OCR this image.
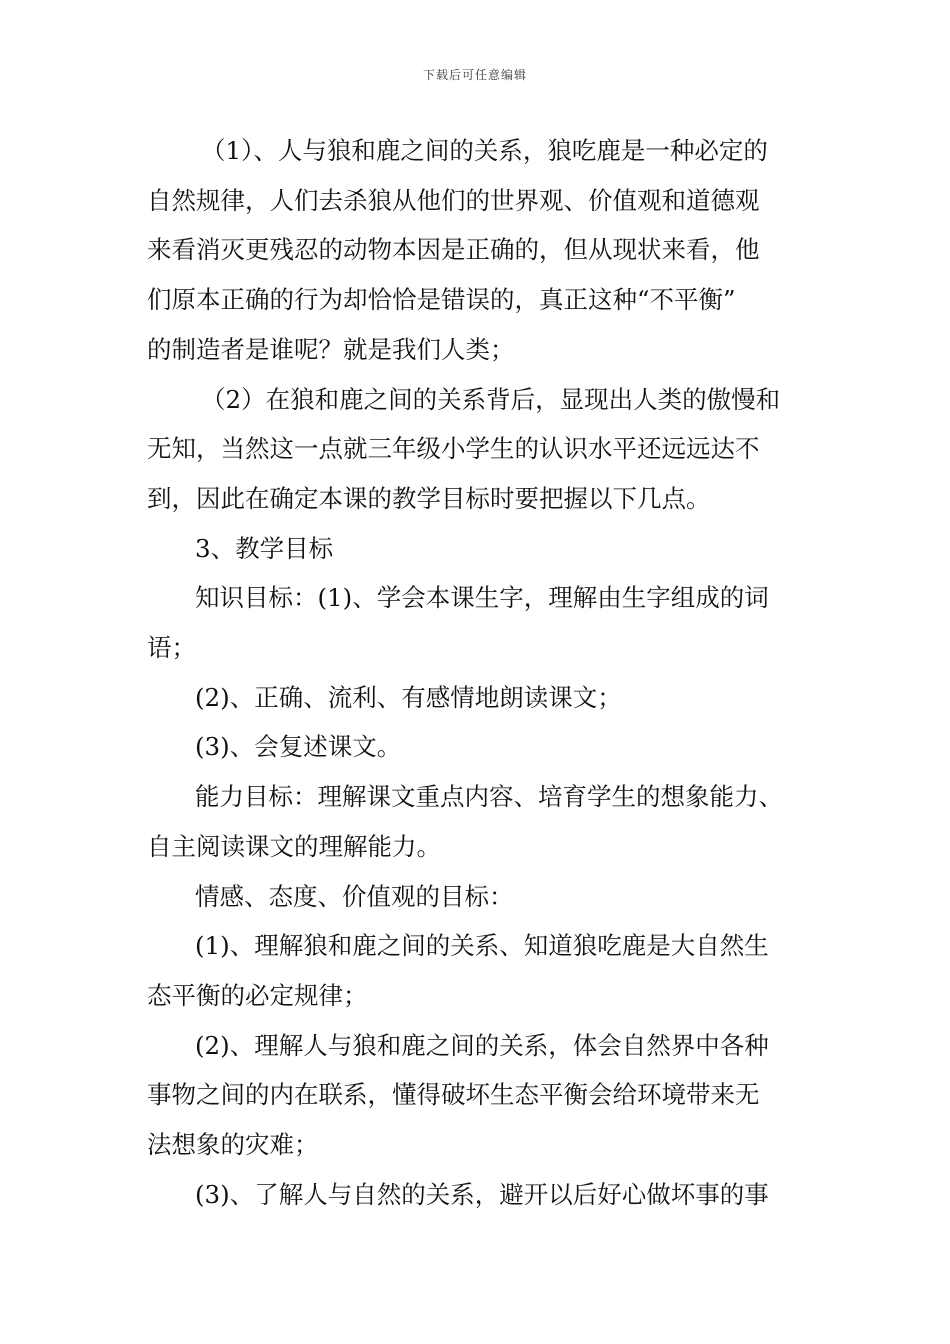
下载后可任意编辑
（1）、人与狼和鹿之间的关系，狼吃鹿是一种必定的
自然规律，人们去杀狼从他们的世界观、价值观和道德观
来看消灭更残忍的动物本因是正确的，但从现状来看，他
们原本正确的行为却恰恰是错误的，真正这种“不平衡”
的制造者是谁呢？就是我们人类；
（2）在狼和鹿之间的关系背后，显现出人类的傲慢和
无知，当然这一点就三年级小学生的认识水平还远远达不
到，因此在确定本课的教学目标时要把握以下几点。
3、教学目标
知识目标：(1)、学会本课生字，理解由生字组成的词
语；
(2)、正确、流利、有感情地朗读课文；
(3)、会复述课文。
能力目标：理解课文重点内容、培育学生的想象能力、
自主阅读课文的理解能力。
情感、态度、价值观的目标：
(1)、理解狼和鹿之间的关系、知道狼吃鹿是大自然生
态平衡的必定规律；
(2)、理解人与狼和鹿之间的关系，体会自然界中各种
事物之间的内在联系，懂得破坏生态平衡会给环境带来无
法想象的灾难；
(3)、了解人与自然的关系，避开以后好心做坏事的事
